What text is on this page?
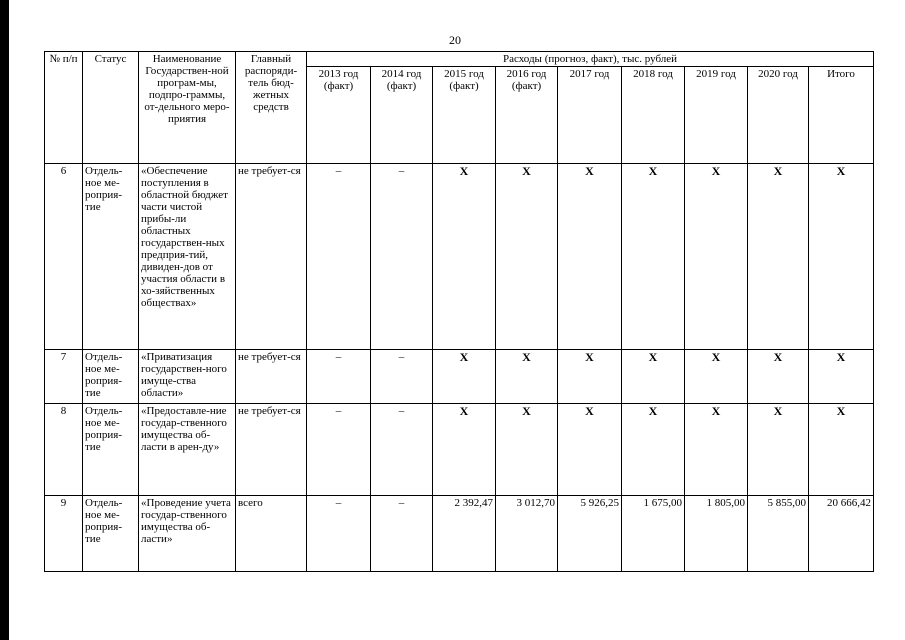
20
№ п/п	Статус	Наименование Государствен-ной програм-мы, подпро-граммы, от-дельного меро-приятия	Главный распоряди-тель бюд-жетных средств	Расходы (прогноз, факт), тыс. рублей								
				2013 год (факт)	2014 год (факт)	2015 год (факт)	2016 год (факт)	2017 год	2018 год	2019 год	2020 год	Итого
6	Отдель-ное ме-роприя-тие	«Обеспечение поступления в областной бюджет части чистой прибы-ли областных государствен-ных предприя-тий, дивиден-дов от участия области в хо-зяйственных обществах»	не требует-ся	–	–	Х	Х	Х	Х	Х	Х	Х
7	Отдель-ное ме-роприя-тие	«Приватизация государствен-ного имуще-ства области»	не требует-ся	–	–	Х	Х	Х	Х	Х	Х	Х
8	Отдель-ное ме-роприя-тие	«Предоставле-ние государ-ственного имущества об-ласти в арен-ду»	не требует-ся	–	–	Х	Х	Х	Х	Х	Х	Х
9	Отдель-ное ме-роприя-тие	«Проведение учета государ-ственного имущества об-ласти»	всего	–	–	2 392,47	3 012,70	5 926,25	1 675,00	1 805,00	5 855,00	20 666,42
